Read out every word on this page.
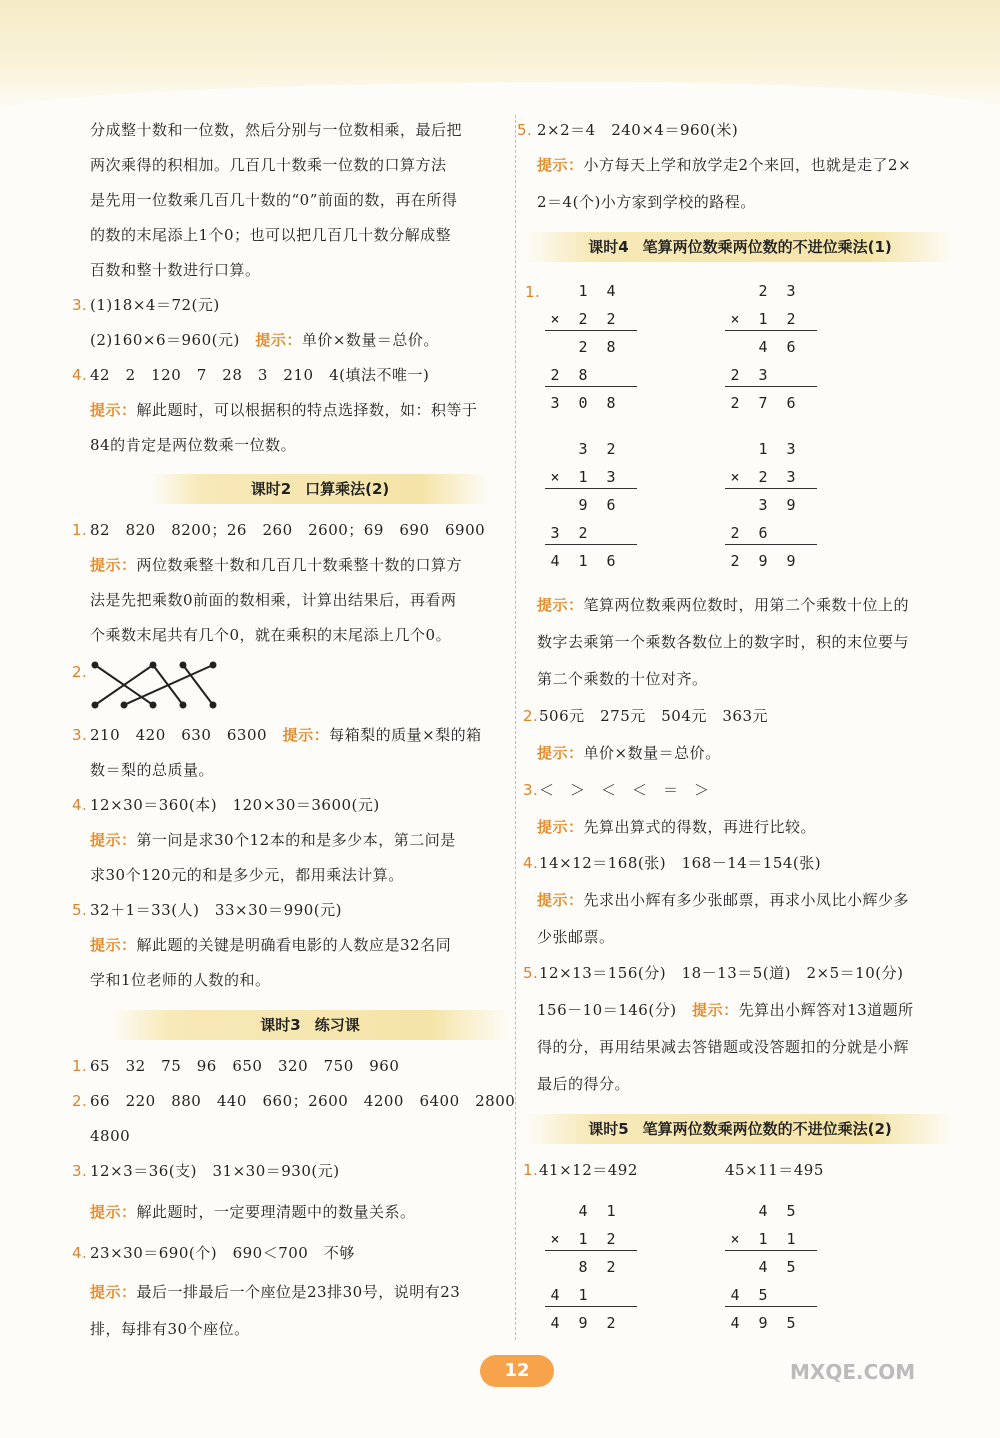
分成整十数和一位数，然后分别与一位数相乘，最后把
两次乘得的积相加。几百几十数乘一位数的口算方法
是先用一位数乘几百几十数的“0”前面的数，再在所得
的数的末尾添上1个0；也可以把几百几十数分解成整
百数和整十数进行口算。
3. (1)18×4＝72(元)
(2)160×6＝960(元)　 提示：单价×数量＝总价。
4. 42　2　120　7　28　3　210　4(填法不唯一)
提示：解此题时，可以根据积的特点选择数，如：积等于
84的肯定是两位数乘一位数。
课时2 口算乘法(2)
1. 82　820　8200；26　260　2600；69　690　6900
提示：两位数乘整十数和几百几十数乘整十数的口算方
法是先把乘数0前面的数相乘，计算出结果后，再看两
个乘数末尾共有几个0，就在乘积的末尾添上几个0。
2.
3. 210　420　630　6300　 提示：每箱梨的质量×梨的箱
数＝梨的总质量。
4. 12×30＝360(本)　120×30＝3600(元)
提示：第一问是求30个12本的和是多少本，第二问是
求30个120元的和是多少元，都用乘法计算。
5. 32＋1＝33(人)　33×30＝990(元)
提示：解此题的关键是明确看电影的人数应是32名同
学和1位老师的人数的和。
课时3 练习课
1. 65　32　75　96　650　320　750　960
2. 66　220　880　440　660；2600　4200　6400　2800
4800
3. 12×3＝36(支)　31×30＝930(元)
提示：解此题时，一定要理清题中的数量关系。
4. 23×30＝690(个)　690＜700　不够
提示：最后一排最后一个座位是23排30号，说明有23
排，每排有30个座位。
5. 2×2＝4　240×4＝960(米)
提示：小方每天上学和放学走2个来回，也就是走了2×
2＝4(个)小方家到学校的路程。
课时4 笔算两位数乘两位数的不进位乘法(1)
1.	1	4
×	2	2
2	8
2	8
3	0	8
2	3
×	1	2
4	6
2	3
2	7	6
3	2
×	1	3
9	6
3	2
4	1	6
1	3
×	2	3
3	9
2	6
2	9	9
4	1
×	1	2
8	2
4	1
4	9	2
4	5
×	1	1
4	5
4	5
4	9	5
提示：笔算两位数乘两位数时，用第二个乘数十位上的
数字去乘第一个乘数各数位上的数字时，积的末位要与
第二个乘数的十位对齐。
2. 506元　275元　504元　363元
提示：单价×数量＝总价。
3. ＜　＞　＜　＜　＝　＞
提示：先算出算式的得数，再进行比较。
4. 14×12＝168(张)　168－14＝154(张)
提示：先求出小辉有多少张邮票，再求小凤比小辉少多
少张邮票。
5. 12×13＝156(分)　18－13＝5(道)　2×5＝10(分)
156－10＝146(分)　 提示：先算出小辉答对13道题所
得的分，再用结果减去答错题或没答题扣的分就是小辉
最后的得分。
课时5 笔算两位数乘两位数的不进位乘法(2)
1. 41×12＝492	45×11＝495
12	MXQE.COM
